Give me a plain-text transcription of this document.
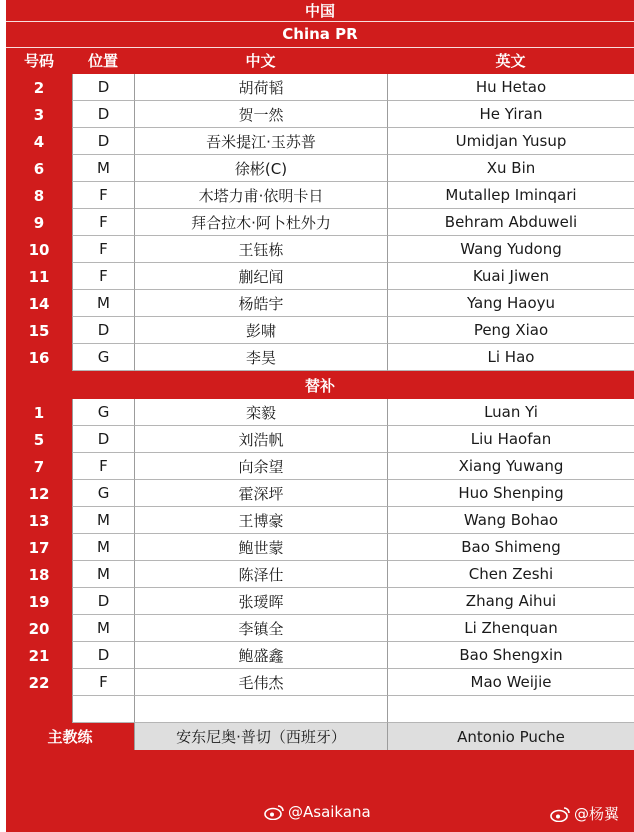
中国
China PR
号码	位置	中文	英文
2	D	胡荷韬	Hu Hetao
3	D	贺一然	He Yiran
4	D	吾米提江·玉苏普	Umidjan Yusup
6	M	徐彬(C)	Xu Bin
8	F	木塔力甫·依明卡日	Mutallep Iminqari
9	F	拜合拉木·阿卜杜外力	Behram Abduweli
10	F	王钰栋	Wang Yudong
11	F	蒯纪闻	Kuai Jiwen
14	M	杨皓宇	Yang Haoyu
15	D	彭啸	Peng Xiao
16	G	李昊	Li Hao
替补
1	G	栾毅	Luan Yi
5	D	刘浩帆	Liu Haofan
7	F	向余望	Xiang Yuwang
12	G	霍深坪	Huo Shenping
13	M	王博豪	Wang Bohao
17	M	鲍世蒙	Bao Shimeng
18	M	陈泽仕	Chen Zeshi
19	D	张瑷晖	Zhang Aihui
20	M	李镇全	Li Zhenquan
21	D	鲍盛鑫	Bao Shengxin
22	F	毛伟杰	Mao Weijie
主教练	安东尼奥·普切（西班牙）	Antonio Puche
@Asaikana	@杨翼
